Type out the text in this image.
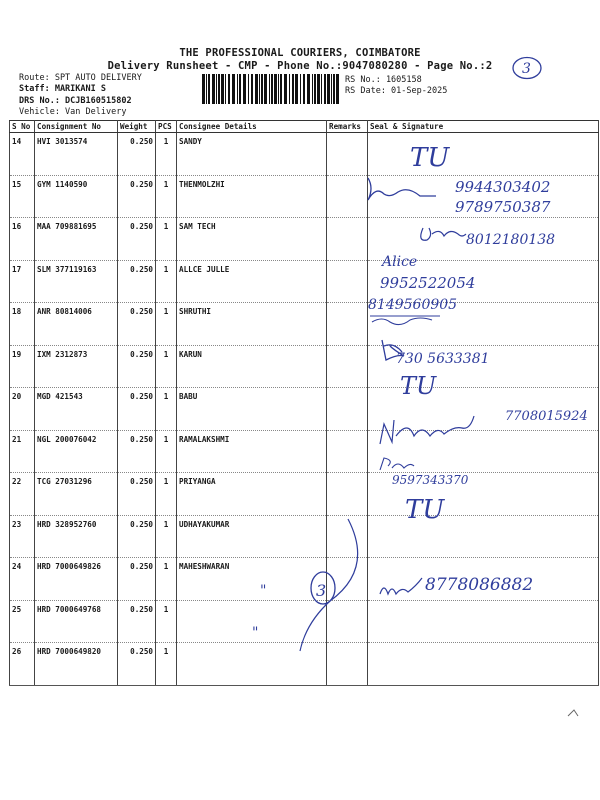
THE PROFESSIONAL COURIERS, COIMBATORE
Delivery Runsheet - CMP - Phone No.:9047080280 - Page No.:2	3
Route: SPT AUTO DELIVERY
Staff: MARIKANI S
DRS No.: DCJB160515802
Vehicle: Van Delivery
RS No.: 1605158
RS Date: 01-Sep-2025
S No	Consignment No	Weight	PCS	Consignee Details	Remarks	Seal & Signature
14	HVI 3013574	0.250	1	SANDY		
15	GYM 1140590	0.250	1	THENMOLZHI		
16	MAA 709881695	0.250	1	SAM TECH		
17	SLM 377119163	0.250	1	ALLCE JULLE		
18	ANR 80814006	0.250	1	SHRUTHI		
19	IXM 2312873	0.250	1	KARUN		
20	MGD 421543	0.250	1	BABU		
21	NGL 200076042	0.250	1	RAMALAKSHMI		
22	TCG 27031296	0.250	1	PRIYANGA		
23	HRD 328952760	0.250	1	UDHAYAKUMAR		
24	HRD 7000649826	0.250	1	MAHESHWARAN		
25	HRD 7000649768	0.250	1			
26	HRD 7000649820	0.250	1			
TU
9944303402
9789750387
8012180138
Alice
9952522054
8149560905
730 5633381
TU
7708015924
9597343370
TU
3
"
"
8778086882
